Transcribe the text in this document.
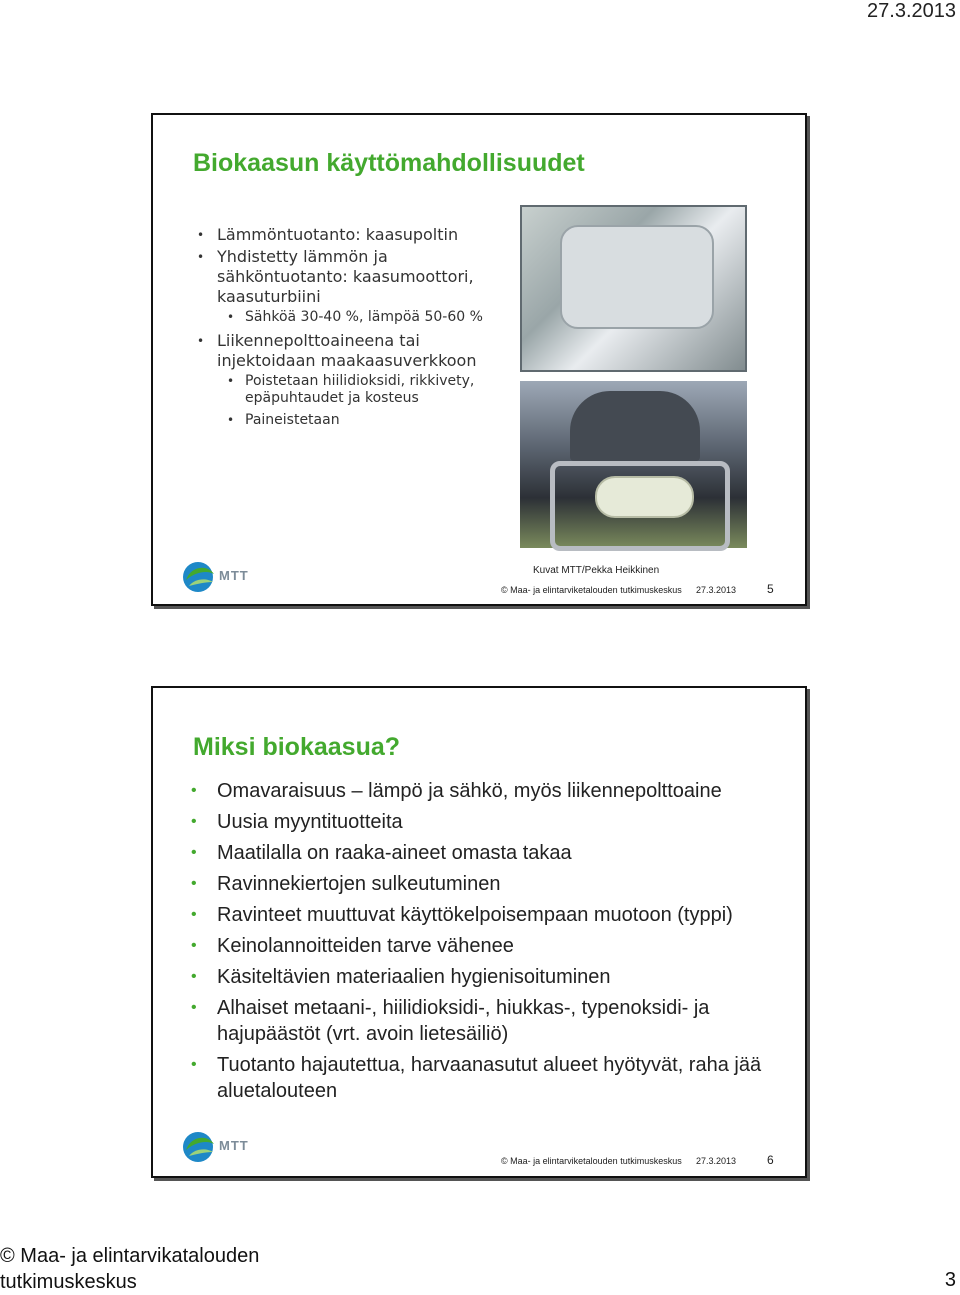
27.3.2013
Biokaasun käyttömahdollisuudet
• Lämmöntuotanto: kaasupoltin
• Yhdistetty lämmön ja sähköntuotanto: kaasumoottori, kaasuturbiini
• Sähköä 30-40 %, lämpöä 50-60 %
• Liikennepolttoaineena tai injektoidaan maakaasuverkkoon
• Poistetaan hiilidioksidi, rikkivety, epäpuhtaudet ja kosteus
• Paineistetaan
Kuvat MTT/Pekka Heikkinen
MTT
© Maa- ja elintarviketalouden tutkimuskeskus 27.3.2013	5
Miksi biokaasua?
• Omavaraisuus – lämpö ja sähkö, myös liikennepolttoaine
• Uusia myyntituotteita
• Maatilalla on raaka-aineet omasta takaa
• Ravinnekiertojen sulkeutuminen
• Ravinteet muuttuvat käyttökelpoisempaan muotoon (typpi)
• Keinolannoitteiden tarve vähenee
• Käsiteltävien materiaalien hygienisoituminen
• Alhaiset metaani-, hiilidioksidi-, hiukkas-, typenoksidi- ja hajupäästöt (vrt. avoin lietesäiliö)
• Tuotanto hajautettua, harvaanasutut alueet hyötyvät, raha jää aluetalouteen
MTT
© Maa- ja elintarviketalouden tutkimuskeskus 27.3.2013	6
© Maa- ja elintarvikatalouden
tutkimuskeskus	3
